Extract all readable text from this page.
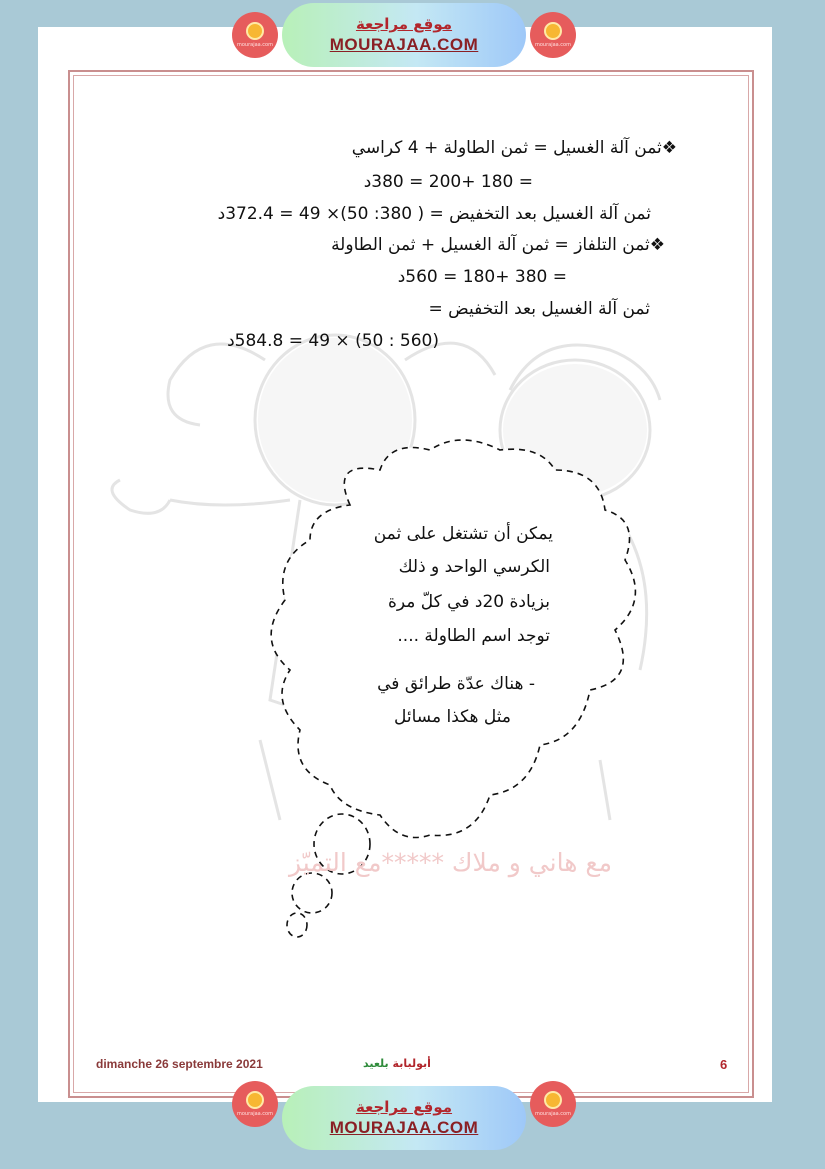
mourajaa.com
موقع مراجعة
MOURAJAA.COM	mourajaa.com
❖ثمن آلة الغسيل = ثمن الطاولة + 4 كراسي
= 180 +200 = 380د
ثمن آلة الغسيل بعد التخفيض = ( 380: 50)× 49 = 372.4د
❖ثمن التلفاز = ثمن آلة الغسيل + ثمن الطاولة
= 380 +180 = 560د
ثمن آلة الغسيل بعد التخفيض =
(560 : 50) × 49 = 584.8د
يمكن أن تشتغل على ثمن
الكرسي الواحد و ذلك
بزيادة 20د في كلّ مرة
توجد اسم الطاولة ....
- هناك عدّة طرائق في
مثل هكذا مسائل
مع هاني و ملاك *****مع التميّز
dimanche 26 septembre 2021	أبولبابة بلعيد	6
mourajaa.com	موقع مراجعة
MOURAJAA.COM
mourajaa.com
